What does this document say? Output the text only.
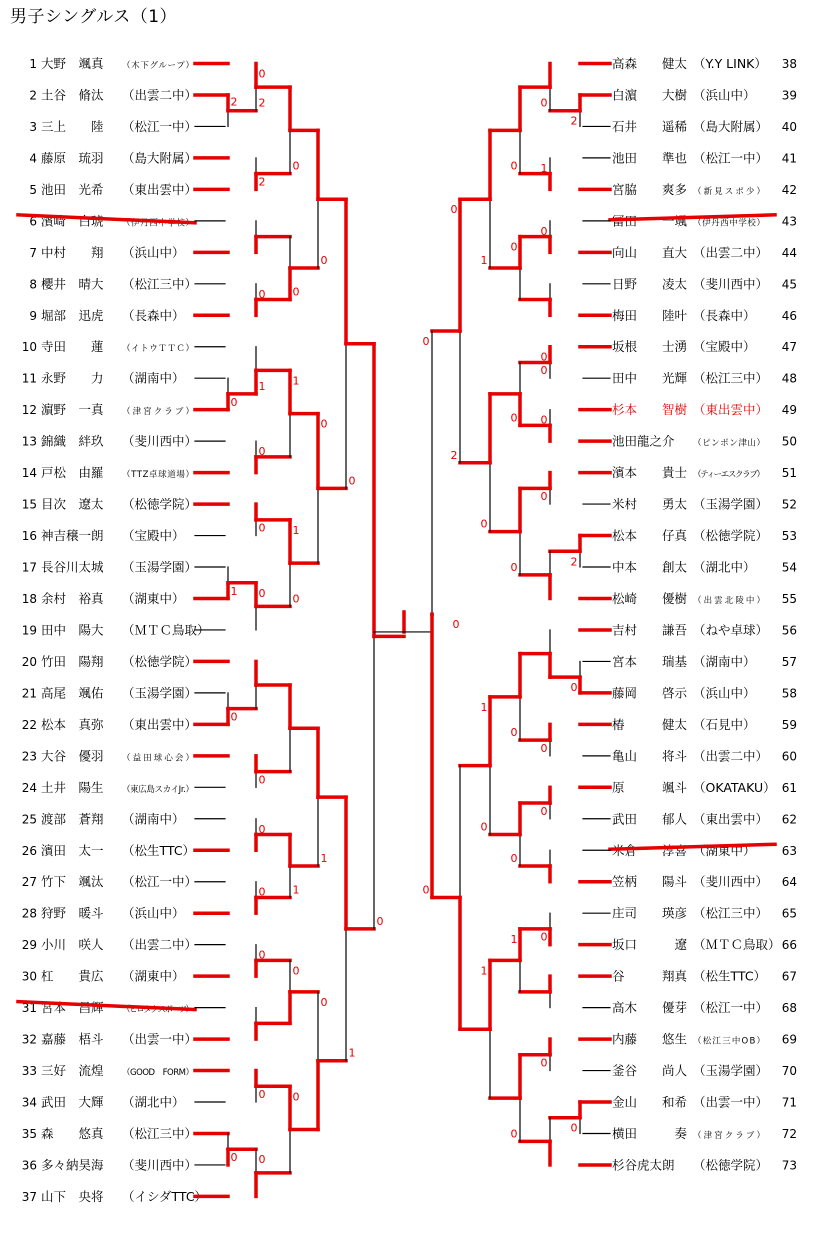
男子シングルス（1）
1 大野　颯真 （木下グループ）
2 土谷　脩汰 （出雲二中）
3 三上　　陸 （松江一中）
4 藤原　琉羽 （島大附属）
5 池田　光希 （東出雲中）
6 濱﨑　白琥 （伊丹西中学校）
7 中村　　翔 （浜山中）
8 櫻井　晴大 （松江三中）
9 堀部　迅虎 （長森中）
10 寺田　　蓮 （イトウＴＴＣ）
11 永野　　力 （湖南中）
12 濵野　一真 （津宮クラブ）
13 錦織　絆玖 （斐川西中）
14 戸松　由羅 （TTZ卓球道場）
15 目次　遼太 （松徳学院）
16 神吉穣一朗 （宝殿中）
17 長谷川太城 （玉湯学園）
18 余村　裕真 （湖東中）
19 田中　陽大 （ＭＴＣ鳥取）
20 竹田　陽翔 （松徳学院）
21 高尾　颯佑 （玉湯学園）
22 松本　真弥 （東出雲中）
23 大谷　優羽 （益田球心会）
24 土井　陽生 （東広島スカイJr.）
25 渡部　蒼翔 （湖南中）
26 濱田　太一 （松生TTC）
27 竹下　颯汰 （松江一中）
28 狩野　暖斗 （浜山中）
29 小川　咲人 （出雲二中）
30 杠　　貴広 （湖東中）
31 宮本　昌輝 （ヒロタクスポーツ）
32 嘉藤　梧斗 （出雲一中）
33 三好　流煌 （GOOD　FORM）
34 武田　大輝 （湖北中）
35 森　　悠真 （松江三中）
36 多々納昊海 （斐川西中）
37 山下　央将 （イシダTTC）
高森　　健太 （Y.Y LINK） 38
白濵　　大樹 （浜山中） 39
石井　　遥稀 （島大附属） 40
池田　　準也 （松江一中） 41
宮脇　　爽多 （新見スポ少） 42
冨田　　一颯 （伊丹西中学校） 43
向山　　直大 （出雲二中） 44
日野　　凌太 （斐川西中） 45
梅田　　陸叶 （長森中） 46
坂根　　士湧 （宝殿中） 47
田中　　光輝 （松江三中） 48
杉本　　智樹 （東出雲中） 49
池田龍之介 （ピンポン津山） 50
濱本　　貴士 （ティーエスクラブ） 51
米村　　勇太 （玉湯学園） 52
松本　　仔真 （松徳学院） 53
中本　　創太 （湖北中） 54
松崎　　優樹 （出雲北陵中） 55
吉村　　謙吾 （ねや卓球） 56
宮本　　瑞基 （湖南中） 57
藤岡　　啓示 （浜山中） 58
椿　　　健太 （石見中） 59
亀山　　将斗 （出雲二中） 60
原　　　颯斗 （OKATAKU） 61
武田　　郁人 （東出雲中） 62
米倉　　淳喜 （湖東中） 63
笠柄　　陽斗 （斐川西中） 64
庄司　　瑛彦 （松江三中） 65
坂口　　　遼 （ＭＴＣ鳥取） 66
谷　　　翔真 （松生TTC） 67
高木　　優芽 （松江一中） 68
内藤　　悠生 （松江三中OB） 69
釜谷　　尚人 （玉湯学園） 70
金山　　和希 （出雲一中） 71
横田　　　奏 （津宮クラブ） 72
杉谷虎太朗 （松徳学院） 73
2
0
1
0
0
0
2
2
0
1
0
0
0
0
0
0
0
0
0
0
0
1
1
0
1
0
0
0
0
1
0
0
1
0
2
2
0
0
0
1
0
0
0
0
0
0
0
0
0
0
0
0
0
0
0
1
0
1
0
1
0
1
0
2
0
0
0
